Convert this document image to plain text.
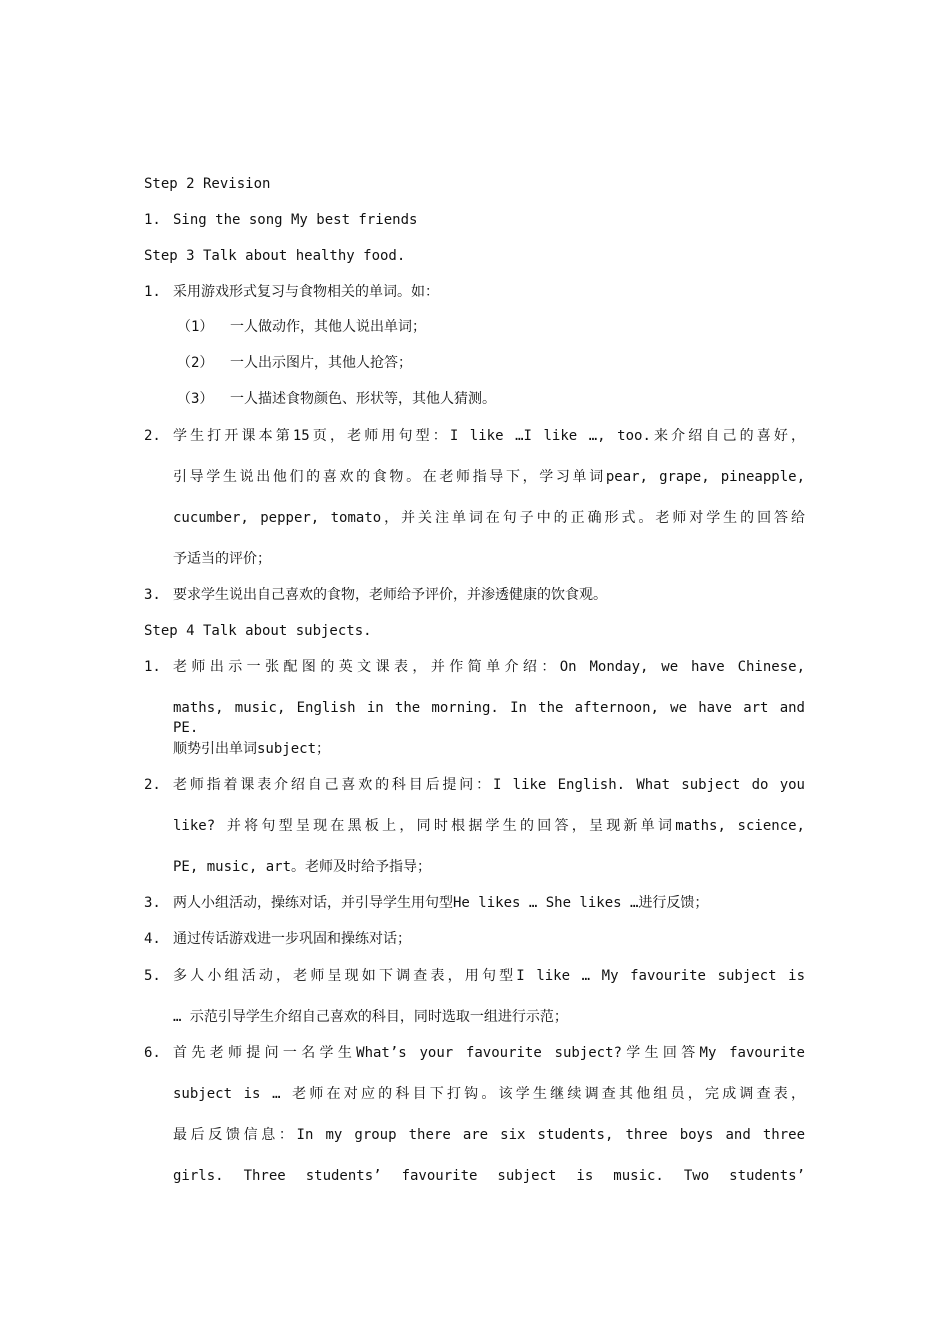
Step 2 Revision
1. Sing the song My best friends
Step 3 Talk about healthy food.
1. 采用游戏形式复习与食物相关的单词。如：
（1） 一人做动作，其他人说出单词；
（2） 一人出示图片，其他人抢答；
（3） 一人描述食物颜色、形状等，其他人猜测。
2. 学生打开课本第15页，老师用句型：I like …I like …, too.来介绍自己的喜好，
引导学生说出他们的喜欢的食物。在老师指导下，学习单词pear, grape, pineapple,
cucumber, pepper, tomato，并关注单词在句子中的正确形式。老师对学生的回答给
予适当的评价；
3. 要求学生说出自己喜欢的食物，老师给予评价，并渗透健康的饮食观。
Step 4 Talk about subjects.
1. 老师出示一张配图的英文课表，并作简单介绍：On Monday, we have Chinese,
maths, music, English in the morning. In the afternoon, we have art and PE.
顺势引出单词subject；
2. 老师指着课表介绍自己喜欢的科目后提问：I like English. What subject do you
like? 并将句型呈现在黑板上，同时根据学生的回答，呈现新单词maths, science,
PE, music, art。老师及时给予指导；
3. 两人小组活动，操练对话，并引导学生用句型He likes … She likes …进行反馈；
4. 通过传话游戏进一步巩固和操练对话；
5. 多人小组活动，老师呈现如下调查表，用句型I like … My favourite subject is
… 示范引导学生介绍自己喜欢的科目，同时选取一组进行示范；
6. 首先老师提问一名学生What’s your favourite subject?学生回答My favourite
subject is … 老师在对应的科目下打钩。该学生继续调查其他组员，完成调查表，
最后反馈信息：In my group there are six students, three boys and three
girls. Three students’ favourite subject is music. Two students’
